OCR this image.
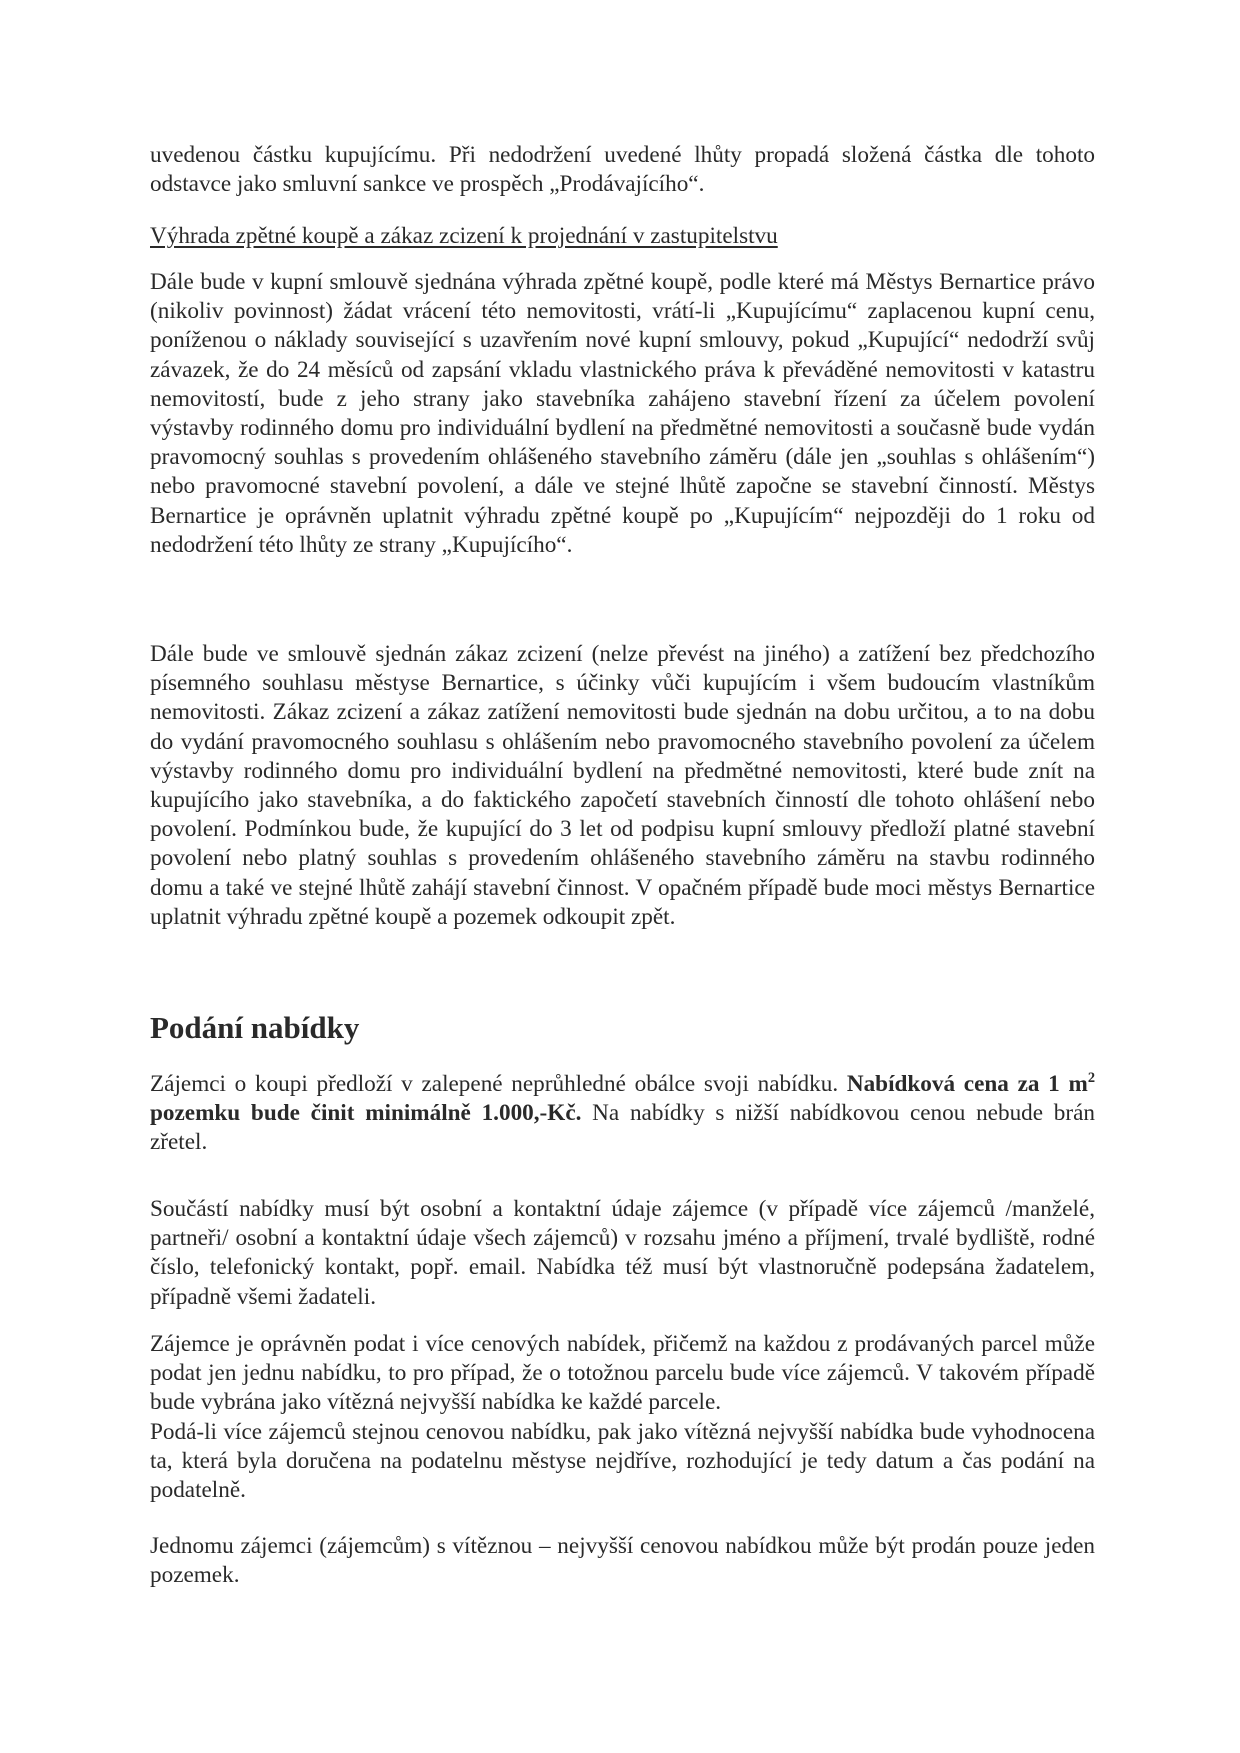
uvedenou částku kupujícímu. Při nedodržení uvedené lhůty propadá složená částka dle tohoto odstavce jako smluvní sankce ve prospěch „Prodávajícího“.

Výhrada zpětné koupě a zákaz zcizení k projednání v zastupitelstvu

Dále bude v kupní smlouvě sjednána výhrada zpětné koupě, podle které má Městys Bernartice právo (nikoliv povinnost) žádat vrácení této nemovitosti, vrátí-li „Kupujícímu“ zaplacenou kupní cenu, poníženou o náklady související s uzavřením nové kupní smlouvy, pokud „Kupující“ nedodrží svůj závazek, že do 24 měsíců od zapsání vkladu vlastnického práva k převáděné nemovitosti v katastru nemovitostí, bude z jeho strany jako stavebníka zahájeno stavební řízení za účelem povolení výstavby rodinného domu pro individuální bydlení na předmětné nemovitosti a současně bude vydán pravomocný souhlas s provedením ohlášeného stavebního záměru (dále jen „souhlas s ohlášením“) nebo pravomocné stavební povolení, a dále ve stejné lhůtě započne se stavební činností. Městys Bernartice je oprávněn uplatnit výhradu zpětné koupě po „Kupujícím“ nejpozději do 1 roku od nedodržení této lhůty ze strany „Kupujícího“.

Dále bude ve smlouvě sjednán zákaz zcizení (nelze převést na jiného) a zatížení bez předchozího písemného souhlasu městyse Bernartice, s účinky vůči kupujícím i všem budoucím vlastníkům nemovitosti. Zákaz zcizení a zákaz zatížení nemovitosti bude sjednán na dobu určitou, a to na dobu do vydání pravomocného souhlasu s ohlášením nebo pravomocného stavebního povolení za účelem výstavby rodinného domu pro individuální bydlení na předmětné nemovitosti, které bude znít na kupujícího jako stavebníka, a do faktického započetí stavebních činností dle tohoto ohlášení nebo povolení. Podmínkou bude, že kupující do 3 let od podpisu kupní smlouvy předloží platné stavební povolení nebo platný souhlas s provedením ohlášeného stavebního záměru na stavbu rodinného domu a také ve stejné lhůtě zahájí stavební činnost. V opačném případě bude moci městys Bernartice uplatnit výhradu zpětné koupě a pozemek odkoupit zpět.

Podání nabídky

Zájemci o koupi předloží v zalepené neprůhledné obálce svoji nabídku. Nabídková cena za 1 $m^2$ pozemku bude činit minimálně 1.000,-Kč. Na nabídky s nižší nabídkovou cenou nebude brán zřetel.

Součástí nabídky musí být osobní a kontaktní údaje zájemce (v případě více zájemců /manželé, partneři/ osobní a kontaktní údaje všech zájemců) v rozsahu jméno a příjmení, trvalé bydliště, rodné číslo, telefonický kontakt, popř. email. Nabídka též musí být vlastnoručně podepsána žadatelem, případně všemi žadateli.

Zájemce je oprávněn podat i více cenových nabídek, přičemž na každou z prodávaných parcel může podat jen jednu nabídku, to pro případ, že o totožnou parcelu bude více zájemců. V takovém případě bude vybrána jako vítězná nejvyšší nabídka ke každé parcele.

Podá-li více zájemců stejnou cenovou nabídku, pak jako vítězná nejvyšší nabídka bude vyhodnocena ta, která byla doručena na podatelnu městyse nejdříve, rozhodující je tedy datum a čas podání na podatelně.

Jednomu zájemci (zájemcům) s vítěznou – nejvyšší cenovou nabídkou může být prodán pouze jeden pozemek.
